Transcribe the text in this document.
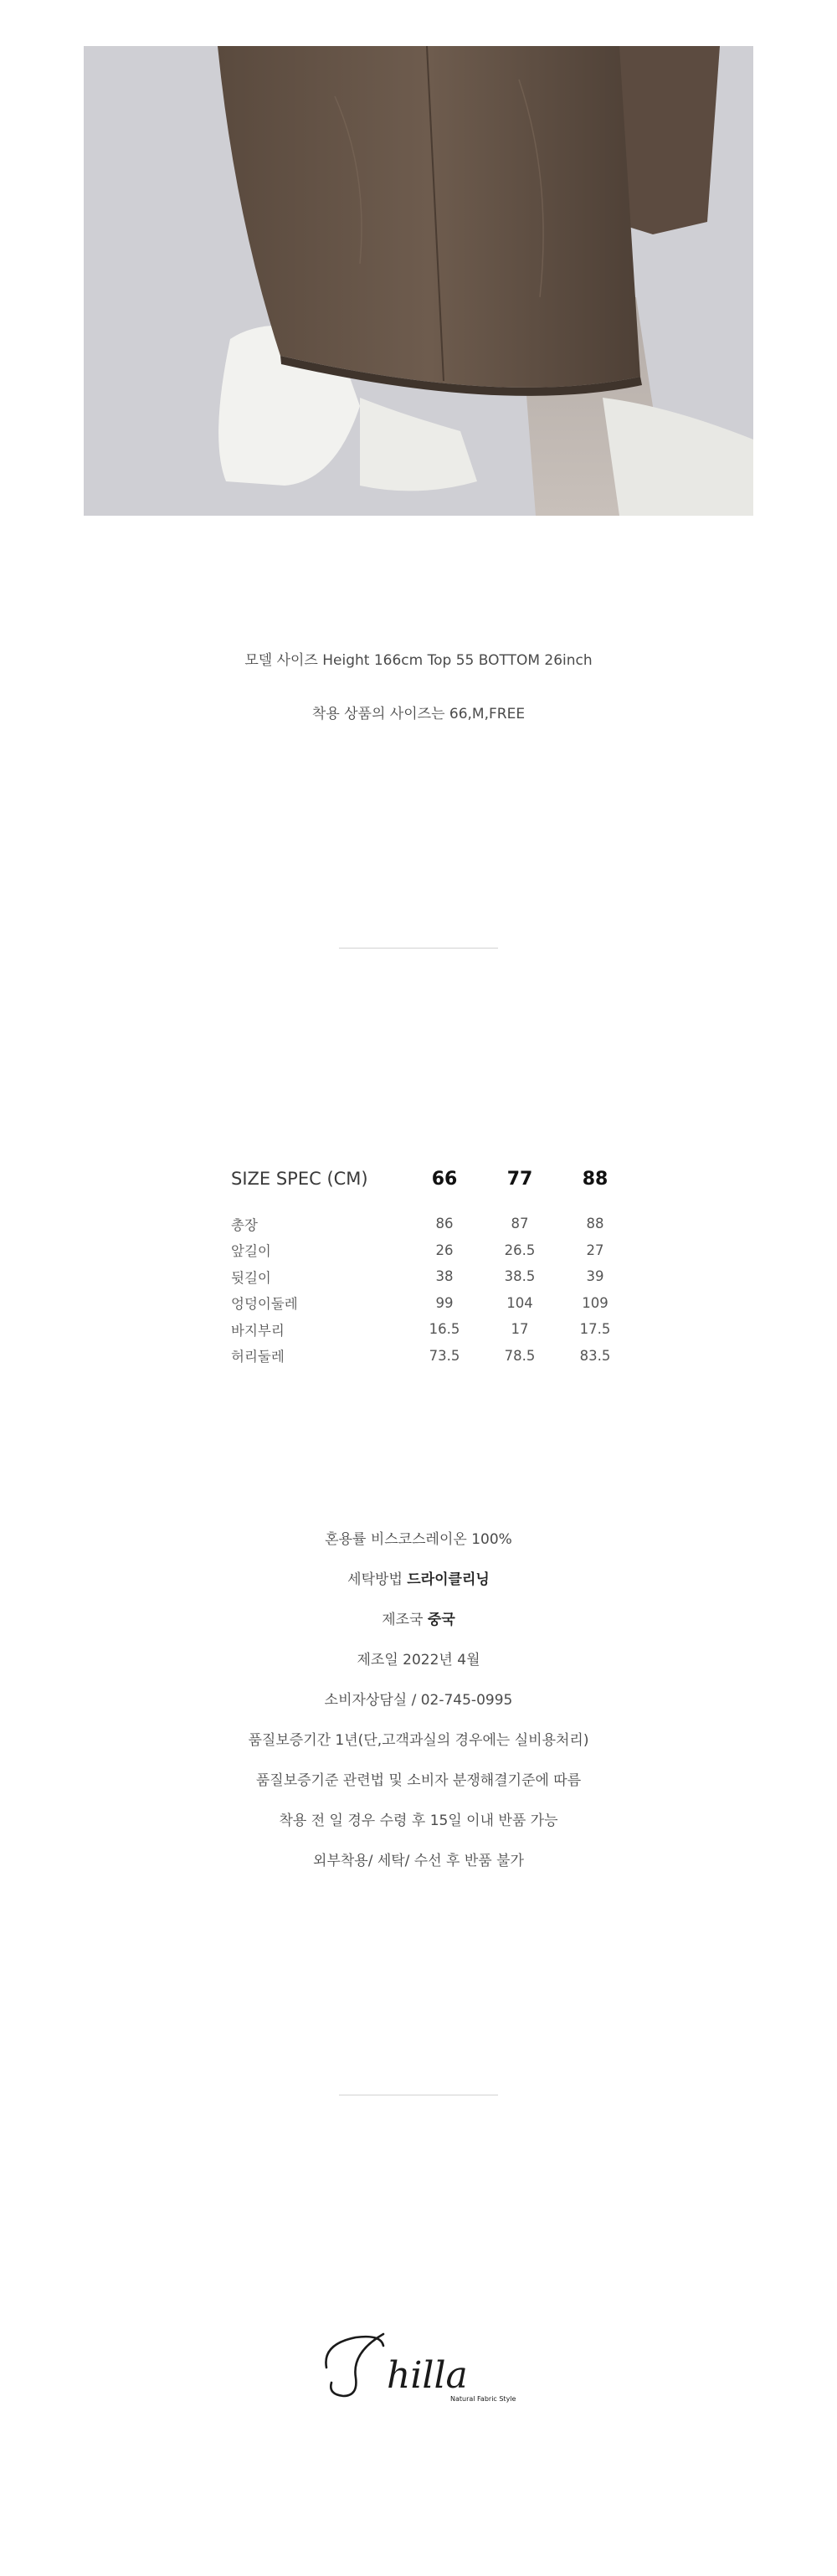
모델 사이즈 Height 166cm Top 55 BOTTOM 26inch
착용 상품의 사이즈는 66,M,FREE
SIZE SPEC (CM)	66	77	88
총장	86	87	88
앞길이	26	26.5	27
뒷길이	38	38.5	39
엉덩이둘레	99	104	109
바지부리	16.5	17	17.5
허리둘레	73.5	78.5	83.5
혼용률 비스코스레이온 100%
세탁방법 드라이클리닝
제조국 중국
제조일 2022년 4월
소비자상담실 / 02-745-0995
품질보증기간 1년(단,고객과실의 경우에는 실비용처리)
품질보증기준 관련법 및 소비자 분쟁해결기준에 따름
착용 전 일 경우 수령 후 15일 이내 반품 가능
외부착용/ 세탁/ 수선 후 반품 불가
hilla
Natural Fabric Style
